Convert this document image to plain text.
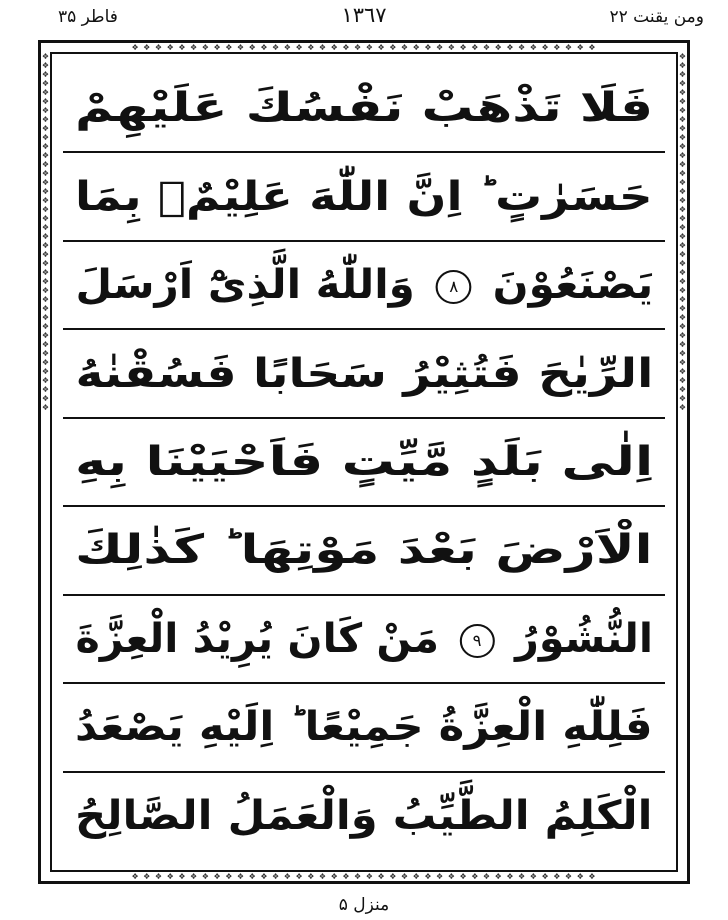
فاطر ٣۵	١٣٦٧	ومن يقنت ٢٢
❖ ❖ ❖ ❖ ❖ ❖ ❖ ❖ ❖ ❖ ❖ ❖ ❖ ❖ ❖ ❖ ❖ ❖ ❖ ❖ ❖ ❖ ❖ ❖ ❖ ❖ ❖ ❖ ❖ ❖ ❖ ❖ ❖ ❖ ❖ ❖ ❖ ❖ ❖ ❖
❖ ❖ ❖ ❖ ❖ ❖ ❖ ❖ ❖ ❖ ❖ ❖ ❖ ❖ ❖ ❖ ❖ ❖ ❖ ❖ ❖ ❖ ❖ ❖ ❖ ❖ ❖ ❖ ❖ ❖ ❖ ❖ ❖ ❖ ❖ ❖ ❖ ❖ ❖ ❖
❖ ❖ ❖ ❖ ❖ ❖ ❖ ❖ ❖ ❖ ❖ ❖ ❖ ❖ ❖ ❖ ❖ ❖ ❖ ❖ ❖ ❖ ❖ ❖ ❖ ❖ ❖ ❖ ❖ ❖ ❖ ❖ ❖ ❖ ❖ ❖ ❖ ❖ ❖ ❖
❖ ❖ ❖ ❖ ❖ ❖ ❖ ❖ ❖ ❖ ❖ ❖ ❖ ❖ ❖ ❖ ❖ ❖ ❖ ❖ ❖ ❖ ❖ ❖ ❖ ❖ ❖ ❖ ❖ ❖ ❖ ❖ ❖ ❖ ❖ ❖ ❖ ❖ ❖ ❖
فَلَا تَذْهَبْ نَفْسُكَ عَلَيْهِمْ
حَسَرٰتٍ ؕ اِنَّ اللّٰهَ عَلِيْمٌۢ بِمَا
يَصْنَعُوْنَ ٨ وَاللّٰهُ الَّذِىْٓ اَرْسَلَ
الرِّيٰحَ فَتُثِيْرُ سَحَابًا فَسُقْنٰهُ
اِلٰى بَلَدٍ مَّيِّتٍ فَاَحْيَيْنَا بِهِ
الْاَرْضَ بَعْدَ مَوْتِهَا ؕ كَذٰلِكَ
النُّشُوْرُ ٩ مَنْ كَانَ يُرِيْدُ الْعِزَّةَ
فَلِلّٰهِ الْعِزَّةُ جَمِيْعًا ؕ اِلَيْهِ يَصْعَدُ
الْكَلِمُ الطَّيِّبُ وَالْعَمَلُ الصَّالِحُ
منزل ۵
